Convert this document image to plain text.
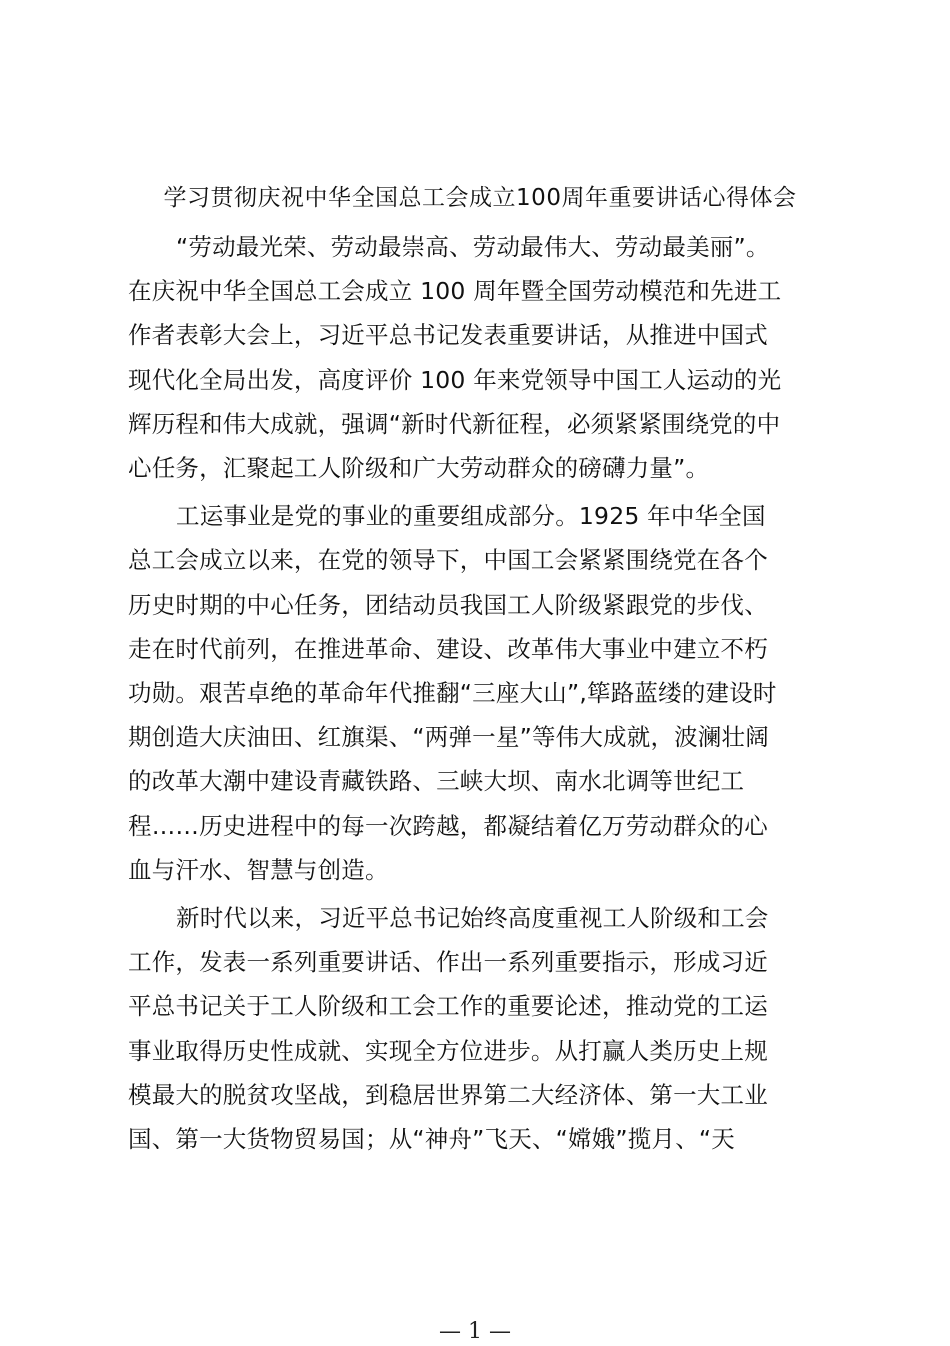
学习贯彻庆祝中华全国总工会成立100周年重要讲话心得体会

“劳动最光荣、劳动最崇高、劳动最伟大、劳动最美丽”。
在庆祝中华全国总工会成立 100 周年暨全国劳动模范和先进工
作者表彰大会上，习近平总书记发表重要讲话，从推进中国式
现代化全局出发，高度评价 100 年来党领导中国工人运动的光
辉历程和伟大成就，强调“新时代新征程，必须紧紧围绕党的中
心任务，汇聚起工人阶级和广大劳动群众的磅礴力量”。

工运事业是党的事业的重要组成部分。1925 年中华全国
总工会成立以来，在党的领导下，中国工会紧紧围绕党在各个
历史时期的中心任务，团结动员我国工人阶级紧跟党的步伐、
走在时代前列，在推进革命、建设、改革伟大事业中建立不朽
功勋。艰苦卓绝的革命年代推翻“三座大山”,筚路蓝缕的建设时
期创造大庆油田、红旗渠、“两弹一星”等伟大成就，波澜壮阔
的改革大潮中建设青藏铁路、三峡大坝、南水北调等世纪工
程……历史进程中的每一次跨越，都凝结着亿万劳动群众的心
血与汗水、智慧与创造。

新时代以来，习近平总书记始终高度重视工人阶级和工会
工作，发表一系列重要讲话、作出一系列重要指示，形成习近
平总书记关于工人阶级和工会工作的重要论述，推动党的工运
事业取得历史性成就、实现全方位进步。从打赢人类历史上规
模最大的脱贫攻坚战，到稳居世界第二大经济体、第一大工业
国、第一大货物贸易国；从“神舟”飞天、“嫦娥”揽月、“天

— 1 —
